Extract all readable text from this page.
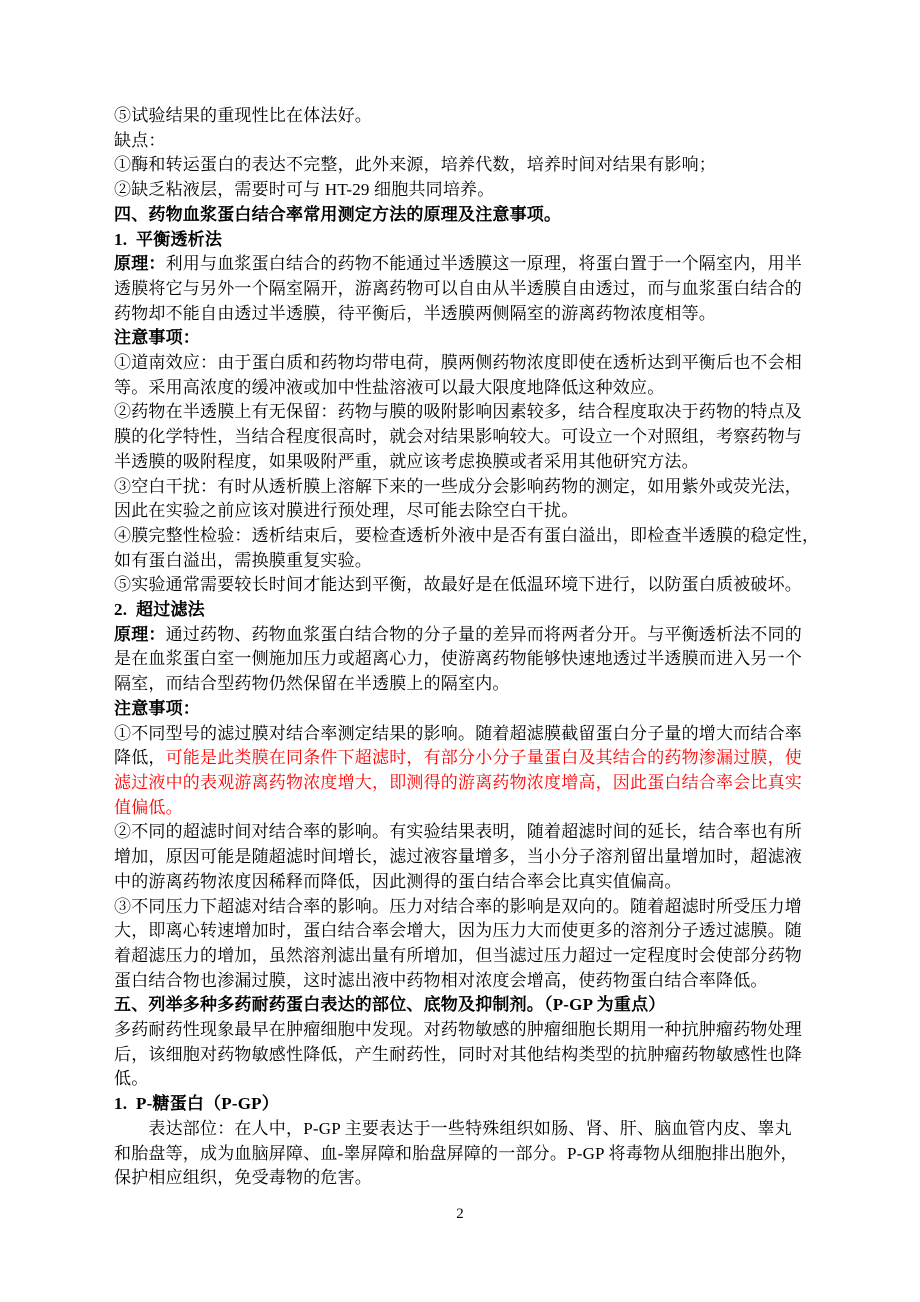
⑤试验结果的重现性比在体法好。
缺点：
①酶和转运蛋白的表达不完整，此外来源，培养代数，培养时间对结果有影响；
②缺乏粘液层，需要时可与 HT-29 细胞共同培养。
四、药物血浆蛋白结合率常用测定方法的原理及注意事项。
1.  平衡透析法
原理：利用与血浆蛋白结合的药物不能通过半透膜这一原理，将蛋白置于一个隔室内，用半
透膜将它与另外一个隔室隔开，游离药物可以自由从半透膜自由透过，而与血浆蛋白结合的
药物却不能自由透过半透膜，待平衡后，半透膜两侧隔室的游离药物浓度相等。
注意事项：
①道南效应：由于蛋白质和药物均带电荷，膜两侧药物浓度即使在透析达到平衡后也不会相
等。采用高浓度的缓冲液或加中性盐溶液可以最大限度地降低这种效应。
②药物在半透膜上有无保留：药物与膜的吸附影响因素较多，结合程度取决于药物的特点及
膜的化学特性，当结合程度很高时，就会对结果影响较大。可设立一个对照组，考察药物与
半透膜的吸附程度，如果吸附严重，就应该考虑换膜或者采用其他研究方法。
③空白干扰：有时从透析膜上溶解下来的一些成分会影响药物的测定，如用紫外或荧光法，
因此在实验之前应该对膜进行预处理，尽可能去除空白干扰。
④膜完整性检验：透析结束后，要检查透析外液中是否有蛋白溢出，即检查半透膜的稳定性，
如有蛋白溢出，需换膜重复实验。
⑤实验通常需要较长时间才能达到平衡，故最好是在低温环境下进行，以防蛋白质被破坏。
2.  超过滤法
原理：通过药物、药物血浆蛋白结合物的分子量的差异而将两者分开。与平衡透析法不同的
是在血浆蛋白室一侧施加压力或超离心力，使游离药物能够快速地透过半透膜而进入另一个
隔室，而结合型药物仍然保留在半透膜上的隔室内。
注意事项：
①不同型号的滤过膜对结合率测定结果的影响。随着超滤膜截留蛋白分子量的增大而结合率
降低，可能是此类膜在同条件下超滤时，有部分小分子量蛋白及其结合的药物渗漏过膜，使
滤过液中的表观游离药物浓度增大，即测得的游离药物浓度增高，因此蛋白结合率会比真实
值偏低。
②不同的超滤时间对结合率的影响。有实验结果表明，随着超滤时间的延长，结合率也有所
增加，原因可能是随超滤时间增长，滤过液容量增多，当小分子溶剂留出量增加时，超滤液
中的游离药物浓度因稀释而降低，因此测得的蛋白结合率会比真实值偏高。
③不同压力下超滤对结合率的影响。压力对结合率的影响是双向的。随着超滤时所受压力增
大，即离心转速增加时，蛋白结合率会增大，因为压力大而使更多的溶剂分子透过滤膜。随
着超滤压力的增加，虽然溶剂滤出量有所增加，但当滤过压力超过一定程度时会使部分药物
蛋白结合物也渗漏过膜，这时滤出液中药物相对浓度会增高，使药物蛋白结合率降低。
五、列举多种多药耐药蛋白表达的部位、底物及抑制剂。（P-GP 为重点）
多药耐药性现象最早在肿瘤细胞中发现。对药物敏感的肿瘤细胞长期用一种抗肿瘤药物处理
后，该细胞对药物敏感性降低，产生耐药性，同时对其他结构类型的抗肿瘤药物敏感性也降
低。
1.  P-糖蛋白（P-GP）
　　表达部位：在人中，P-GP 主要表达于一些特殊组织如肠、肾、肝、脑血管内皮、睾丸
和胎盘等，成为血脑屏障、血-睾屏障和胎盘屏障的一部分。P-GP 将毒物从细胞排出胞外，
保护相应组织，免受毒物的危害。
2
